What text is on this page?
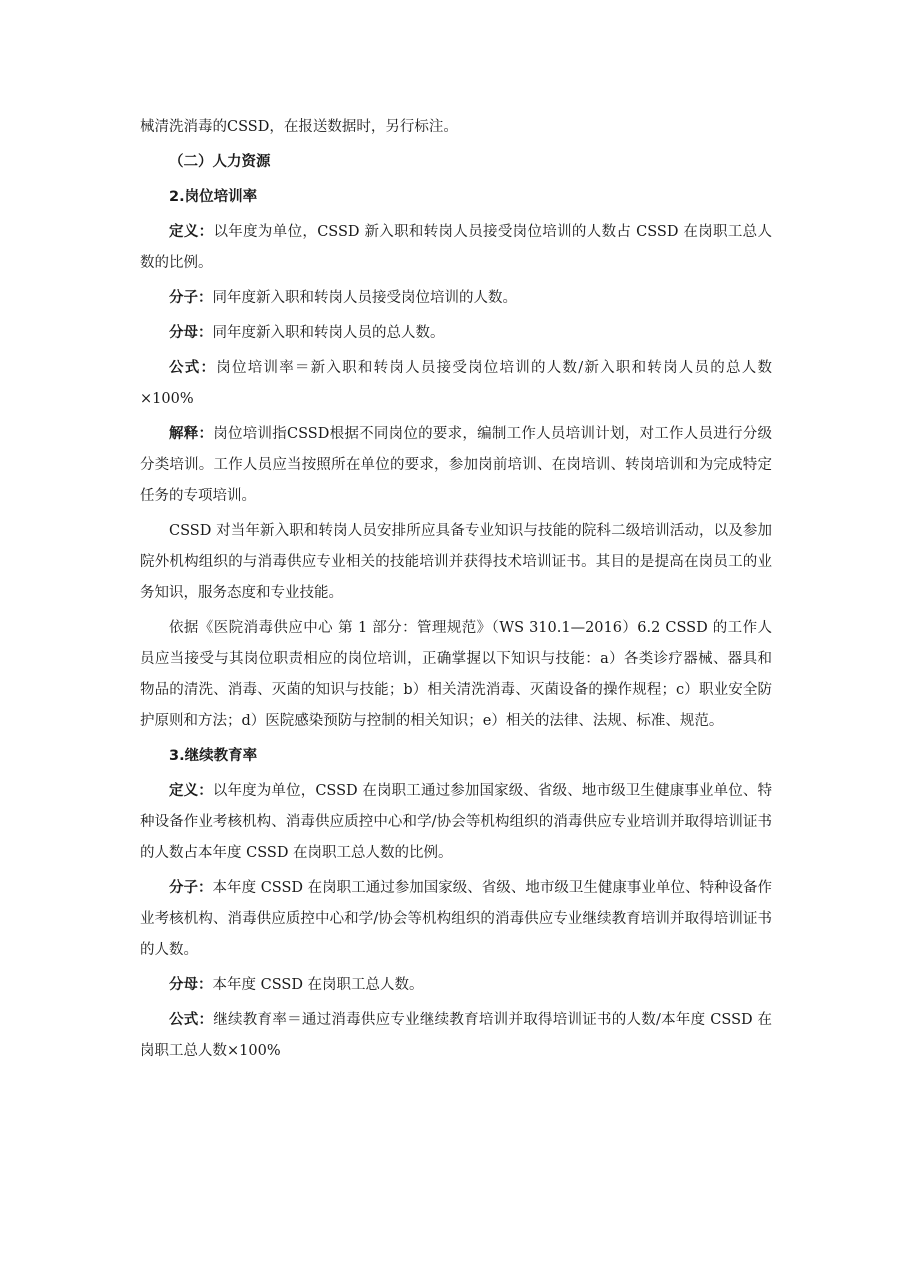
械清洗消毒的CSSD，在报送数据时，另行标注。

（二）人力资源

2.岗位培训率

定义：以年度为单位，CSSD 新入职和转岗人员接受岗位培训的人数占 CSSD 在岗职工总人数的比例。

分子：同年度新入职和转岗人员接受岗位培训的人数。

分母：同年度新入职和转岗人员的总人数。

公式：岗位培训率＝新入职和转岗人员接受岗位培训的人数/新入职和转岗人员的总人数×100%

解释：岗位培训指CSSD根据不同岗位的要求，编制工作人员培训计划，对工作人员进行分级分类培训。工作人员应当按照所在单位的要求，参加岗前培训、在岗培训、转岗培训和为完成特定任务的专项培训。

CSSD 对当年新入职和转岗人员安排所应具备专业知识与技能的院科二级培训活动，以及参加院外机构组织的与消毒供应专业相关的技能培训并获得技术培训证书。其目的是提高在岗员工的业务知识，服务态度和专业技能。

依据《医院消毒供应中心 第 1 部分：管理规范》（WS 310.1—2016）6.2 CSSD 的工作人员应当接受与其岗位职责相应的岗位培训，正确掌握以下知识与技能：a）各类诊疗器械、器具和物品的清洗、消毒、灭菌的知识与技能；b）相关清洗消毒、灭菌设备的操作规程；c）职业安全防护原则和方法；d）医院感染预防与控制的相关知识；e）相关的法律、法规、标准、规范。

3.继续教育率

定义：以年度为单位，CSSD 在岗职工通过参加国家级、省级、地市级卫生健康事业单位、特种设备作业考核机构、消毒供应质控中心和学/协会等机构组织的消毒供应专业培训并取得培训证书的人数占本年度 CSSD 在岗职工总人数的比例。

分子：本年度 CSSD 在岗职工通过参加国家级、省级、地市级卫生健康事业单位、特种设备作业考核机构、消毒供应质控中心和学/协会等机构组织的消毒供应专业继续教育培训并取得培训证书的人数。

分母：本年度 CSSD 在岗职工总人数。

公式：继续教育率＝通过消毒供应专业继续教育培训并取得培训证书的人数/本年度 CSSD 在岗职工总人数×100%
